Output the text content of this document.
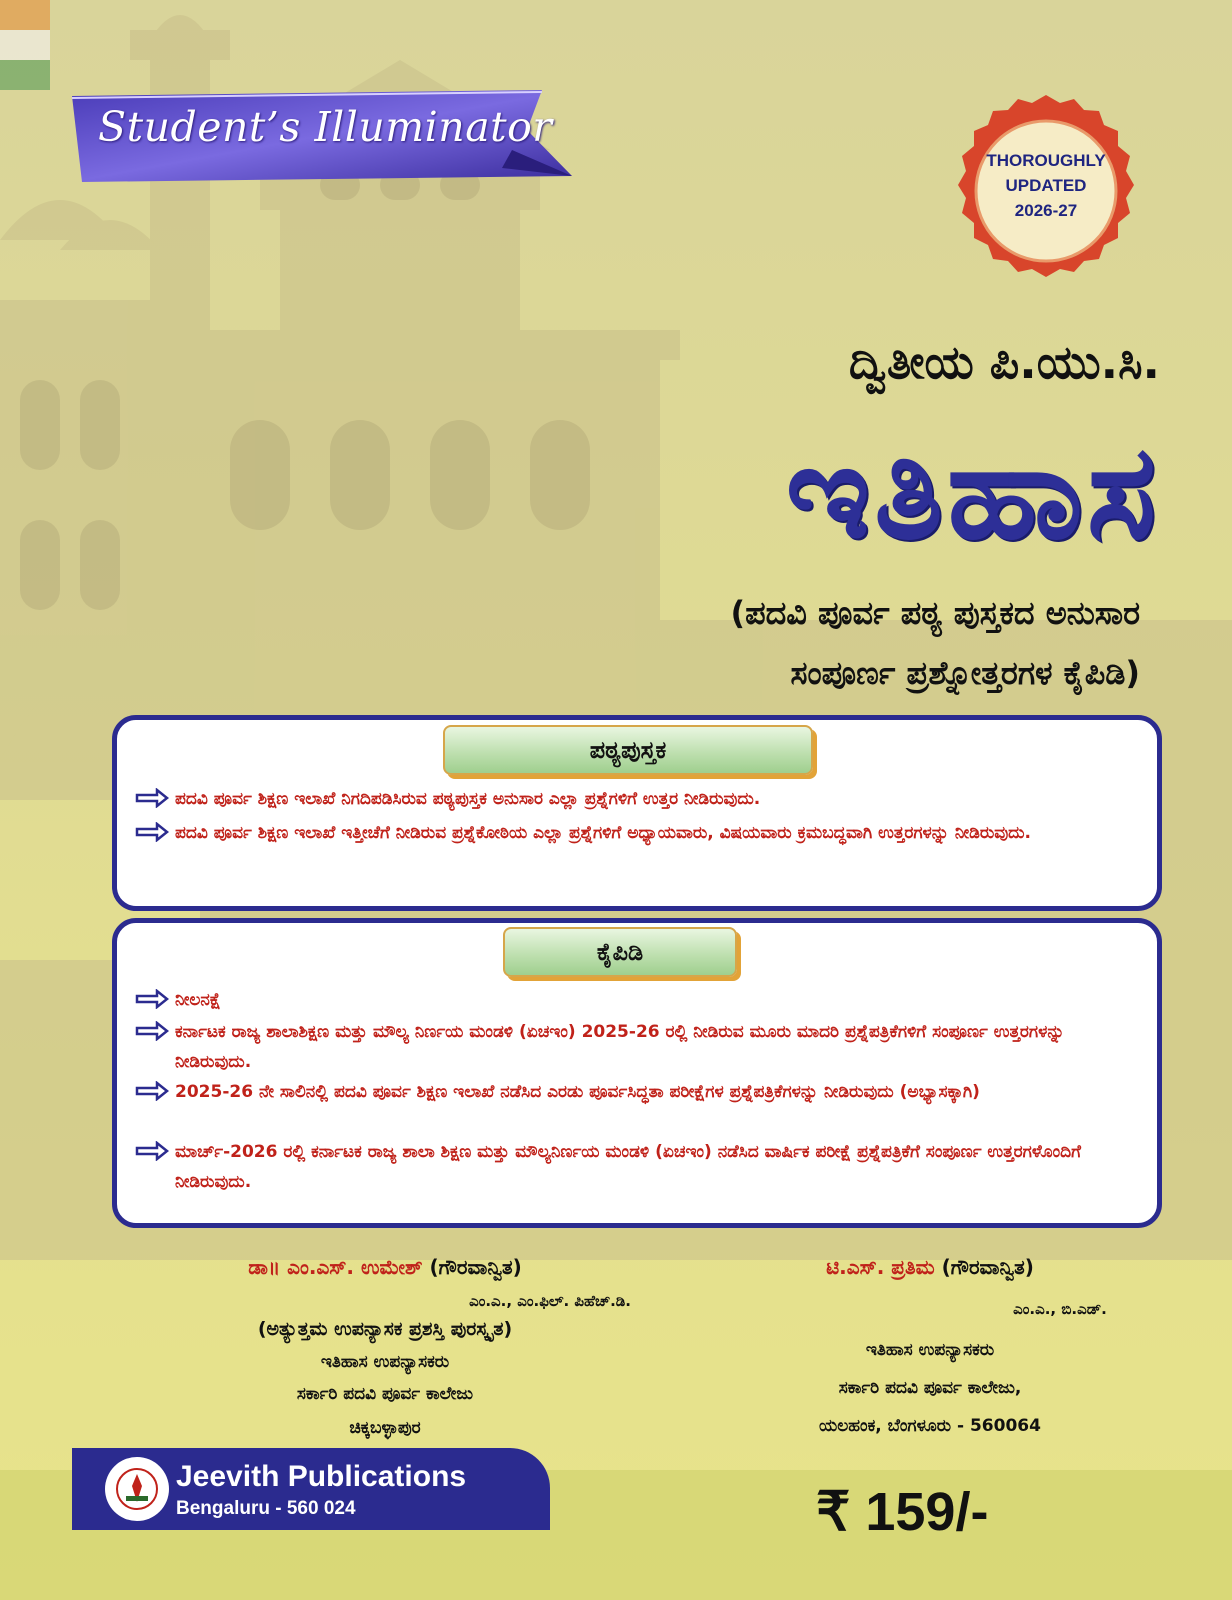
Student’s Illuminator
THOROUGHLY
UPDATED
2026-27
ದ್ವಿತೀಯ ಪಿ.ಯು.ಸಿ.
ಇತಿಹಾಸ
(ಪದವಿ ಪೂರ್ವ ಪಠ್ಯ ಪುಸ್ತಕದ ಅನುಸಾರ
ಸಂಪೂರ್ಣ ಪ್ರಶ್ನೋತ್ತರಗಳ ಕೈಪಿಡಿ)
ಪಠ್ಯಪುಸ್ತಕ
ಪದವಿ ಪೂರ್ವ ಶಿಕ್ಷಣ ಇಲಾಖೆ ನಿಗದಿಪಡಿಸಿರುವ ಪಠ್ಯಪುಸ್ತಕ ಅನುಸಾರ ಎಲ್ಲಾ ಪ್ರಶ್ನೆಗಳಿಗೆ ಉತ್ತರ ನೀಡಿರುವುದು.
ಪದವಿ ಪೂರ್ವ ಶಿಕ್ಷಣ ಇಲಾಖೆ ಇತ್ತೀಚೆಗೆ ನೀಡಿರುವ ಪ್ರಶ್ನೆಕೋಠಿಯ ಎಲ್ಲಾ ಪ್ರಶ್ನೆಗಳಿಗೆ ಅಧ್ಯಾಯವಾರು, ವಿಷಯವಾರು ಕ್ರಮಬದ್ಧವಾಗಿ ಉತ್ತರಗಳನ್ನು ನೀಡಿರುವುದು.
ಕೈಪಿಡಿ
ನೀಲನಕ್ಷೆ
ಕರ್ನಾಟಕ ರಾಜ್ಯ ಶಾಲಾಶಿಕ್ಷಣ ಮತ್ತು ಮೌಲ್ಯ ನಿರ್ಣಯ ಮಂಡಳಿ (ಏಚಇಂ) 2025-26 ರಲ್ಲಿ ನೀಡಿರುವ ಮೂರು ಮಾದರಿ ಪ್ರಶ್ನೆಪತ್ರಿಕೆಗಳಿಗೆ ಸಂಪೂರ್ಣ ಉತ್ತರಗಳನ್ನು ನೀಡಿರುವುದು.
2025-26 ನೇ ಸಾಲಿನಲ್ಲಿ ಪದವಿ ಪೂರ್ವ ಶಿಕ್ಷಣ ಇಲಾಖೆ ನಡೆಸಿದ ಎರಡು ಪೂರ್ವಸಿದ್ಧತಾ ಪರೀಕ್ಷೆಗಳ ಪ್ರಶ್ನೆಪತ್ರಿಕೆಗಳನ್ನು ನೀಡಿರುವುದು (ಅಭ್ಯಾಸಕ್ಕಾಗಿ)
ಮಾರ್ಚ್-2026 ರಲ್ಲಿ ಕರ್ನಾಟಕ ರಾಜ್ಯ ಶಾಲಾ ಶಿಕ್ಷಣ ಮತ್ತು ಮೌಲ್ಯನಿರ್ಣಯ ಮಂಡಳಿ (ಏಚಇಂ) ನಡೆಸಿದ ವಾರ್ಷಿಕ ಪರೀಕ್ಷೆ ಪ್ರಶ್ನೆಪತ್ರಿಕೆಗೆ ಸಂಪೂರ್ಣ ಉತ್ತರಗಳೊಂದಿಗೆ ನೀಡಿರುವುದು.
ಡಾ॥ ಎಂ.ಎಸ್. ಉಮೇಶ್ (ಗೌರವಾನ್ವಿತ)
ಎಂ.ಎ., ಎಂ.ಫಿಲ್. ಪಿಹೆಚ್.ಡಿ.
(ಅತ್ಯುತ್ತಮ ಉಪನ್ಯಾಸಕ ಪ್ರಶಸ್ತಿ ಪುರಸ್ಕೃತ)
ಇತಿಹಾಸ ಉಪನ್ಯಾಸಕರು
ಸರ್ಕಾರಿ ಪದವಿ ಪೂರ್ವ ಕಾಲೇಜು
ಚಿಕ್ಕಬಳ್ಳಾಪುರ
ಟಿ.ಎಸ್. ಪ್ರತಿಮ (ಗೌರವಾನ್ವಿತ)
ಎಂ.ಎ., ಬಿ.ಎಡ್.
ಇತಿಹಾಸ ಉಪನ್ಯಾಸಕರು
ಸರ್ಕಾರಿ ಪದವಿ ಪೂರ್ವ ಕಾಲೇಜು,
ಯಲಹಂಕ, ಬೆಂಗಳೂರು - 560064
Jeevith Publications
Bengaluru - 560 024	₹ 159/-
